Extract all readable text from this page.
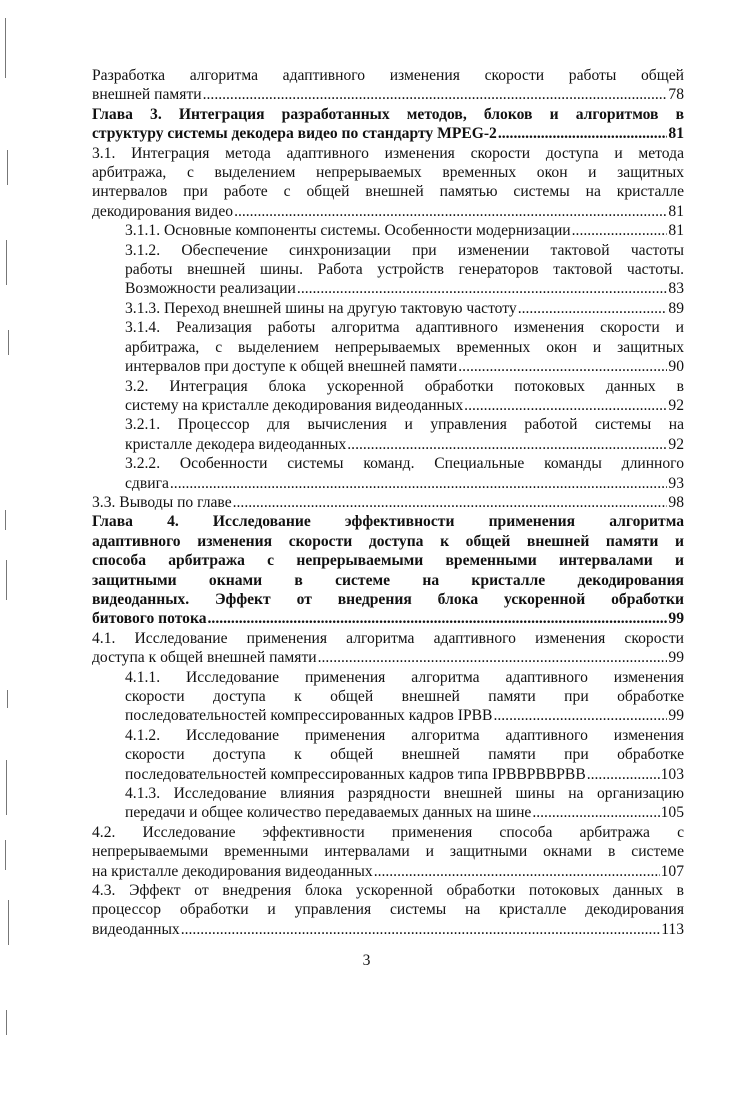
Разработка алгоритма адаптивного изменения скорости работы общей
внешней памяти .....	78
Глава 3. Интеграция разработанных методов, блоков и алгоритмов в
структуру системы декодера видео по стандарту MPEG-2 .....	81
3.1. Интеграция метода адаптивного изменения скорости доступа и метода
арбитража, с выделением непрерываемых временных окон и защитных
интервалов при работе с общей внешней памятью системы на кристалле
декодирования видео .....	81
3.1.1. Основные компоненты системы. Особенности модернизации .....	81
3.1.2. Обеспечение синхронизации при изменении тактовой частоты
работы внешней шины. Работа устройств генераторов тактовой частоты.
Возможности реализации .....	83
3.1.3. Переход внешней шины на другую тактовую частоту .....	89
3.1.4. Реализация работы алгоритма адаптивного изменения скорости и
арбитража, с выделением непрерываемых временных окон и защитных
интервалов при доступе к общей внешней памяти .....	90
3.2. Интеграция блока ускоренной обработки потоковых данных в
систему на кристалле декодирования видеоданных .....	92
3.2.1. Процессор для вычисления и управления работой системы на
кристалле декодера видеоданных .....	92
3.2.2. Особенности системы команд. Специальные команды длинного
сдвига .....	93
3.3. Выводы по главе .....	98
Глава 4. Исследование эффективности применения алгоритма
адаптивного изменения скорости доступа к общей внешней памяти и
способа арбитража с непрерываемыми временными интервалами и
защитными окнами в системе на кристалле декодирования
видеоданных. Эффект от внедрения блока ускоренной обработки
битового потока .....	99
4.1. Исследование применения алгоритма адаптивного изменения скорости
доступа к общей внешней памяти .....	99
4.1.1. Исследование применения алгоритма адаптивного изменения
скорости доступа к общей внешней памяти при обработке
последовательностей компрессированных кадров IPBB .....	99
4.1.2. Исследование применения алгоритма адаптивного изменения
скорости доступа к общей внешней памяти при обработке
последовательностей компрессированных кадров типа IPBBPBBPBB .....	103
4.1.3. Исследование влияния разрядности внешней шины на организацию
передачи и общее количество передаваемых данных на шине .....	105
4.2. Исследование эффективности применения способа арбитража с
непрерываемыми временными интервалами и защитными окнами в системе
на кристалле декодирования видеоданных .....	107
4.3. Эффект от внедрения блока ускоренной обработки потоковых данных в
процессор обработки и управления системы на кристалле декодирования
видеоданных .....	113
3
